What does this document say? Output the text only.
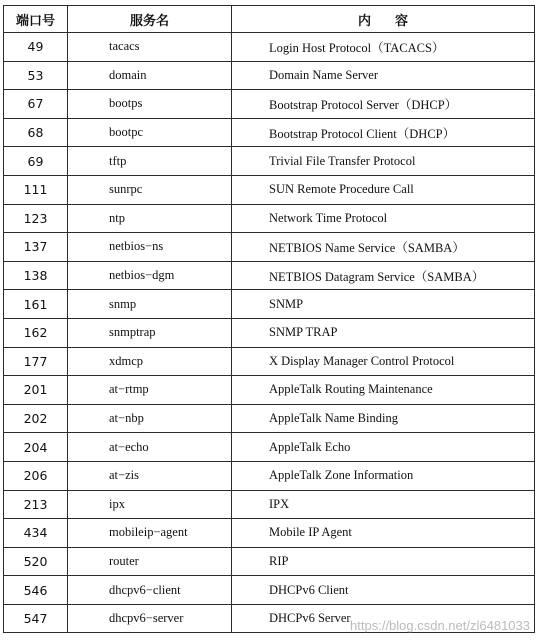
端口号	服务名	内容
49	tacacs	Login Host Protocol（TACACS）
53	domain	Domain Name Server
67	bootps	Bootstrap Protocol Server（DHCP）
68	bootpc	Bootstrap Protocol Client（DHCP）
69	tftp	Trivial File Transfer Protocol
111	sunrpc	SUN Remote Procedure Call
123	ntp	Network Time Protocol
137	netbios−ns	NETBIOS Name Service（SAMBA）
138	netbios−dgm	NETBIOS Datagram Service（SAMBA）
161	snmp	SNMP
162	snmptrap	SNMP TRAP
177	xdmcp	X Display Manager Control Protocol
201	at−rtmp	AppleTalk Routing Maintenance
202	at−nbp	AppleTalk Name Binding
204	at−echo	AppleTalk Echo
206	at−zis	AppleTalk Zone Information
213	ipx	IPX
434	mobileip−agent	Mobile IP Agent
520	router	RIP
546	dhcpv6−client	DHCPv6 Client
547	dhcpv6−server	DHCPv6 Server https://blog.csdn.net/zl6481033
